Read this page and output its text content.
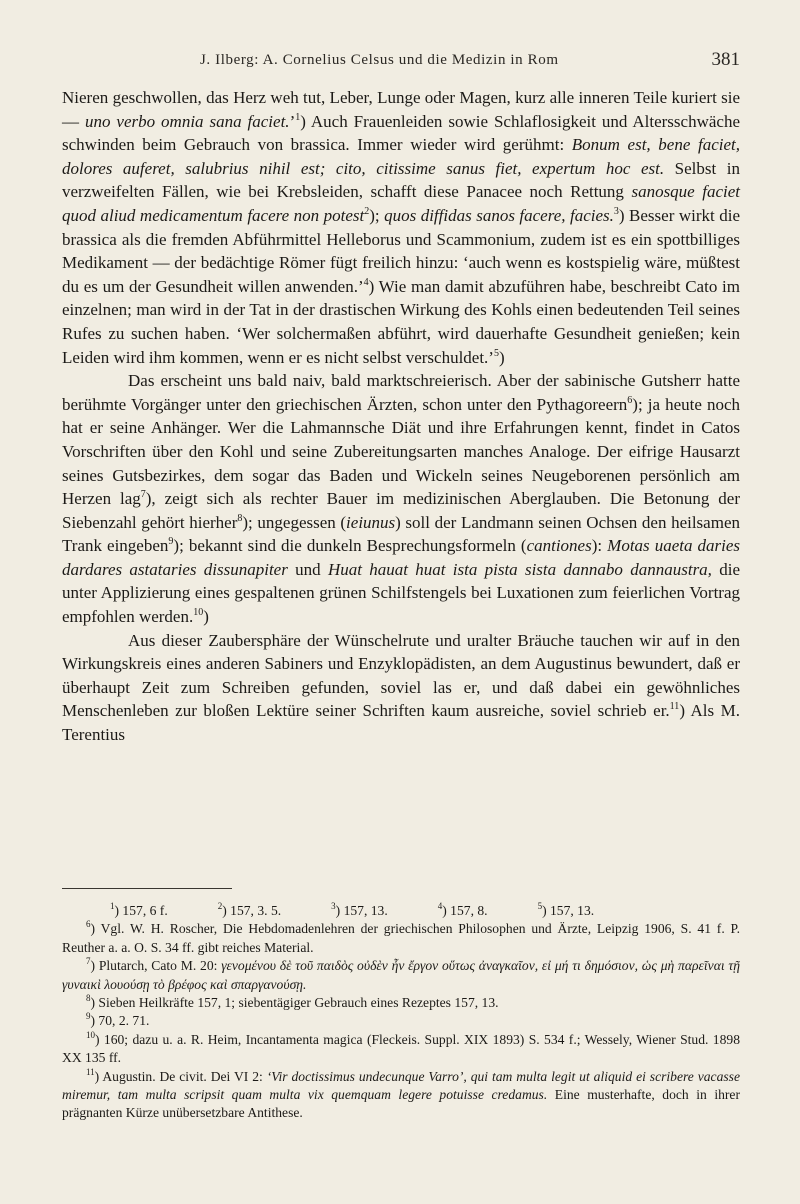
J. Ilberg: A. Cornelius Celsus und die Medizin in Rom	381

Nieren geschwollen, das Herz weh tut, Leber, Lunge oder Magen, kurz alle inneren Teile kuriert sie — uno verbo omnia sana faciet.’$^1$) Auch Frauenleiden sowie Schlaflosigkeit und Altersschwäche schwinden beim Gebrauch von brassica. Immer wieder wird gerühmt: Bonum est, bene faciet, dolores auferet, salubrius nihil est; cito, citissime sanus fiet, expertum hoc est. Selbst in verzweifelten Fällen, wie bei Krebsleiden, schafft diese Panacee noch Rettung sanosque faciet quod aliud medicamentum facere non potest$^2$); quos diffidas sanos facere, facies.$^3$) Besser wirkt die brassica als die fremden Abführmittel Helleborus und Scammonium, zudem ist es ein spottbilliges Medikament — der bedächtige Römer fügt freilich hinzu: ‘auch wenn es kostspielig wäre, müßtest du es um der Gesundheit willen anwenden.’$^4$) Wie man damit abzuführen habe, beschreibt Cato im einzelnen; man wird in der Tat in der drastischen Wirkung des Kohls einen bedeutenden Teil seines Rufes zu suchen haben. ‘Wer solchermaßen abführt, wird dauerhafte Gesundheit genießen; kein Leiden wird ihm kommen, wenn er es nicht selbst verschuldet.’$^5$)

Das erscheint uns bald naiv, bald marktschreierisch. Aber der sabinische Gutsherr hatte berühmte Vorgänger unter den griechischen Ärzten, schon unter den Pythagoreern$^6$); ja heute noch hat er seine Anhänger. Wer die Lahmannsche Diät und ihre Erfahrungen kennt, findet in Catos Vorschriften über den Kohl und seine Zubereitungsarten manches Analoge. Der eifrige Hausarzt seines Gutsbezirkes, dem sogar das Baden und Wickeln seines Neugeborenen persönlich am Herzen lag$^7$), zeigt sich als rechter Bauer im medizinischen Aberglauben. Die Betonung der Siebenzahl gehört hierher$^8$); ungegessen (ieiunus) soll der Landmann seinen Ochsen den heilsamen Trank eingeben$^9$); bekannt sind die dunkeln Besprechungsformeln (cantiones): Motas uaeta daries dardares astataries dissunapiter und Huat hauat huat ista pista sista dannabo dannaustra, die unter Applizierung eines gespaltenen grünen Schilfstengels bei Luxationen zum feierlichen Vortrag empfohlen werden.$^{10}$)

Aus dieser Zaubersphäre der Wünschelrute und uralter Bräuche tauchen wir auf in den Wirkungskreis eines anderen Sabiners und Enzyklopädisten, an dem Augustinus bewundert, daß er überhaupt Zeit zum Schreiben gefunden, soviel las er, und daß dabei ein gewöhnliches Menschenleben zur bloßen Lektüre seiner Schriften kaum ausreiche, soviel schrieb er.$^{11}$) Als M. Terentius

$^1$) 157, 6 f.	$^2$) 157, 3. 5.	$^3$) 157, 13.	$^4$) 157, 8.	$^5$) 157, 13.

$^6$) Vgl. W. H. Roscher, Die Hebdomadenlehren der griechischen Philosophen und Ärzte, Leipzig 1906, S. 41 f. P. Reuther a. a. O. S. 34 ff. gibt reiches Material.

$^7$) Plutarch, Cato M. 20: γενομένου δὲ τοῦ παιδὸς οὐδὲν ἦν ἔργον οὕτως ἀναγκαῖον, εἰ μή τι δημόσιον, ὡς μὴ παρεῖναι τῇ γυναικὶ λουούσῃ τὸ βρέφος καὶ σπαργανούσῃ.

$^8$) Sieben Heilkräfte 157, 1; siebentägiger Gebrauch eines Rezeptes 157, 13.

$^9$) 70, 2. 71.

$^{10}$) 160; dazu u. a. R. Heim, Incantamenta magica (Fleckeis. Suppl. XIX 1893) S. 534 f.; Wessely, Wiener Stud. 1898 XX 135 ff.

$^{11}$) Augustin. De civit. Dei VI 2: ‘Vir doctissimus undecunque Varro’, qui tam multa legit ut aliquid ei scribere vacasse miremur, tam multa scripsit quam multa vix quemquam legere potuisse credamus. Eine musterhafte, doch in ihrer prägnanten Kürze unübersetzbare Antithese.
